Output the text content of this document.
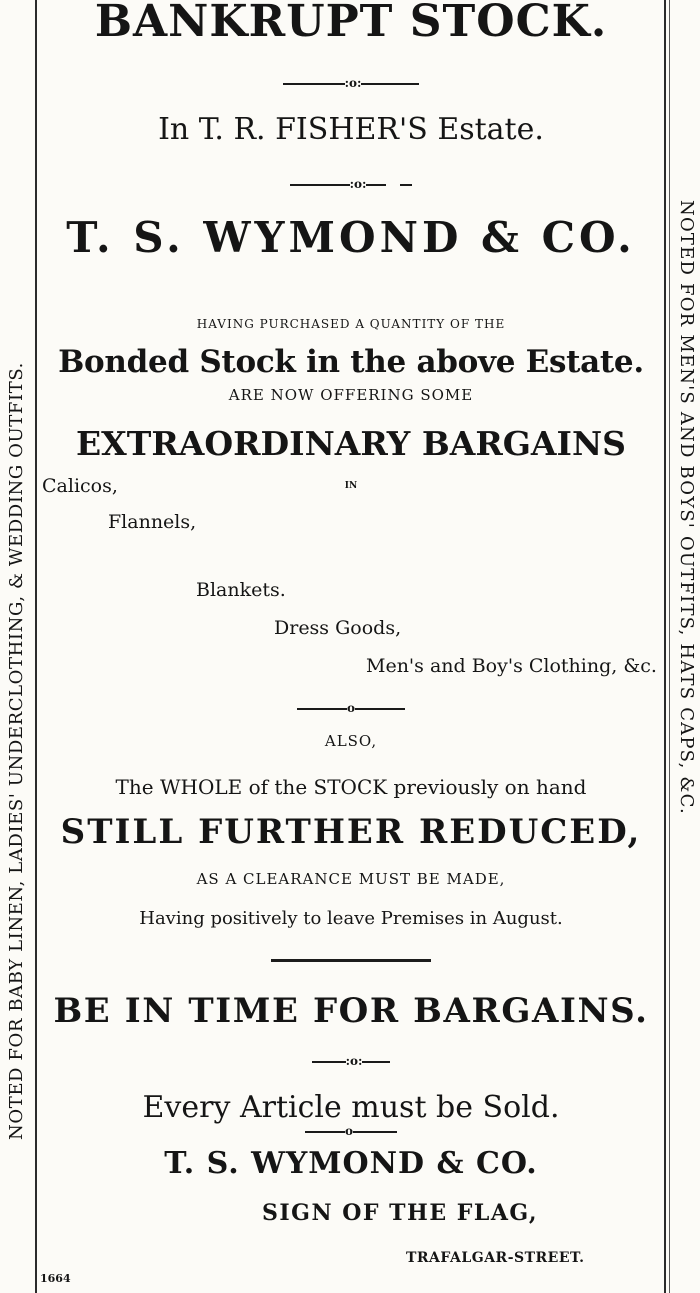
NOTED FOR BABY LINEN, LADIES' UNDERCLOTHING, & WEDDING OUTFITS.	NOTED FOR MEN'S AND BOYS' OUTFITS, HATS CAPS, &C.
BANKRUPT STOCK.
:o:
In T. R. FISHER'S Estate.
:o:
T. S. WYMOND & CO.
HAVING PURCHASED A QUANTITY OF THE
Bonded Stock in the above Estate.
ARE NOW OFFERING SOME
EXTRAORDINARY BARGAINS
IN
Calicos,
Flannels,
Blankets.
Dress Goods,
Men's and Boy's Clothing, &c.
o
ALSO,
The WHOLE of the STOCK previously on hand
STILL FURTHER REDUCED,
AS A CLEARANCE MUST BE MADE,
Having positively to leave Premises in August.
BE IN TIME FOR BARGAINS.
:o:
Every Article must be Sold.
o
T. S. WYMOND & CO.
SIGN OF THE FLAG,
TRAFALGAR-STREET.
1664
